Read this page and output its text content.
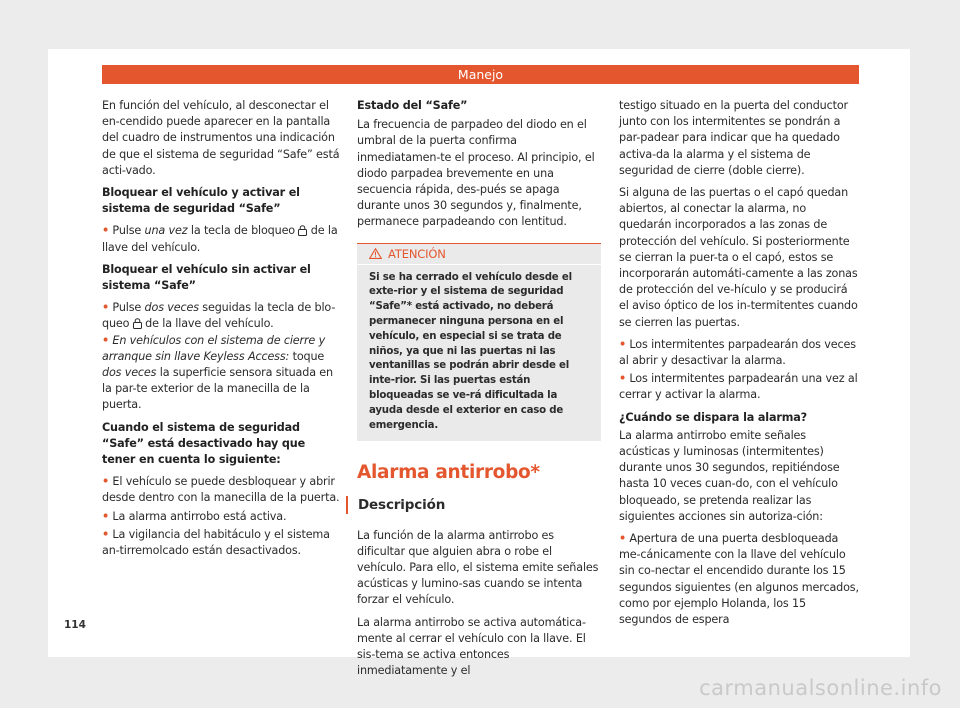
Manejo

En función del vehículo, al desconectar el en-cendido puede aparecer en la pantalla del cuadro de instrumentos una indicación de que el sistema de seguridad “Safe” está acti-vado.

Bloquear el vehículo y activar el sistema de seguridad “Safe”

• Pulse una vez la tecla de bloqueo  de la llave del vehículo.

Bloquear el vehículo sin activar el sistema “Safe”

• Pulse dos veces seguidas la tecla de blo-queo  de la llave del vehículo.

• En vehículos con el sistema de cierre y arranque sin llave Keyless Access: toque dos veces la superficie sensora situada en la par-te exterior de la manecilla de la puerta.

Cuando el sistema de seguridad “Safe” está desactivado hay que tener en cuenta lo siguiente:

• El vehículo se puede desbloquear y abrir desde dentro con la manecilla de la puerta.

• La alarma antirrobo está activa.

• La vigilancia del habitáculo y el sistema an-tirremolcado están desactivados.

Estado del “Safe”

La frecuencia de parpadeo del diodo en el umbral de la puerta confirma inmediatamen-te el proceso. Al principio, el diodo parpadea brevemente en una secuencia rápida, des-pués se apaga durante unos 30 segundos y, finalmente, permanece parpadeando con lentitud.

ATENCIÓN
Si se ha cerrado el vehículo desde el exte-rior y el sistema de seguridad “Safe”* está activado, no deberá permanecer ninguna persona en el vehículo, en especial si se trata de niños, ya que ni las puertas ni las ventanillas se podrán abrir desde el inte-rior. Si las puertas están bloqueadas se ve-rá dificultada la ayuda desde el exterior en caso de emergencia.
Alarma antirrobo*
Descripción

La función de la alarma antirrobo es dificultar que alguien abra o robe el vehículo. Para ello, el sistema emite señales acústicas y lumino-sas cuando se intenta forzar el vehículo.

La alarma antirrobo se activa automática-mente al cerrar el vehículo con la llave. El sis-tema se activa entonces inmediatamente y el

testigo situado en la puerta del conductor junto con los intermitentes se pondrán a par-padear para indicar que ha quedado activa-da la alarma y el sistema de seguridad de cierre (doble cierre).

Si alguna de las puertas o el capó quedan abiertos, al conectar la alarma, no quedarán incorporados a las zonas de protección del vehículo. Si posteriormente se cierran la puer-ta o el capó, estos se incorporarán automáti-camente a las zonas de protección del ve-hículo y se producirá el aviso óptico de los in-termitentes cuando se cierren las puertas.

• Los intermitentes parpadearán dos veces al abrir y desactivar la alarma.

• Los intermitentes parpadearán una vez al cerrar y activar la alarma.

¿Cuándo se dispara la alarma?

La alarma antirrobo emite señales acústicas y luminosas (intermitentes) durante unos 30 segundos, repitiéndose hasta 10 veces cuan-do, con el vehículo bloqueado, se pretenda realizar las siguientes acciones sin autoriza-ción:

• Apertura de una puerta desbloqueada me-cánicamente con la llave del vehículo sin co-nectar el encendido durante los 15 segundos siguientes (en algunos mercados, como por ejemplo Holanda, los 15 segundos de espera

114
carmanualsonline.info
